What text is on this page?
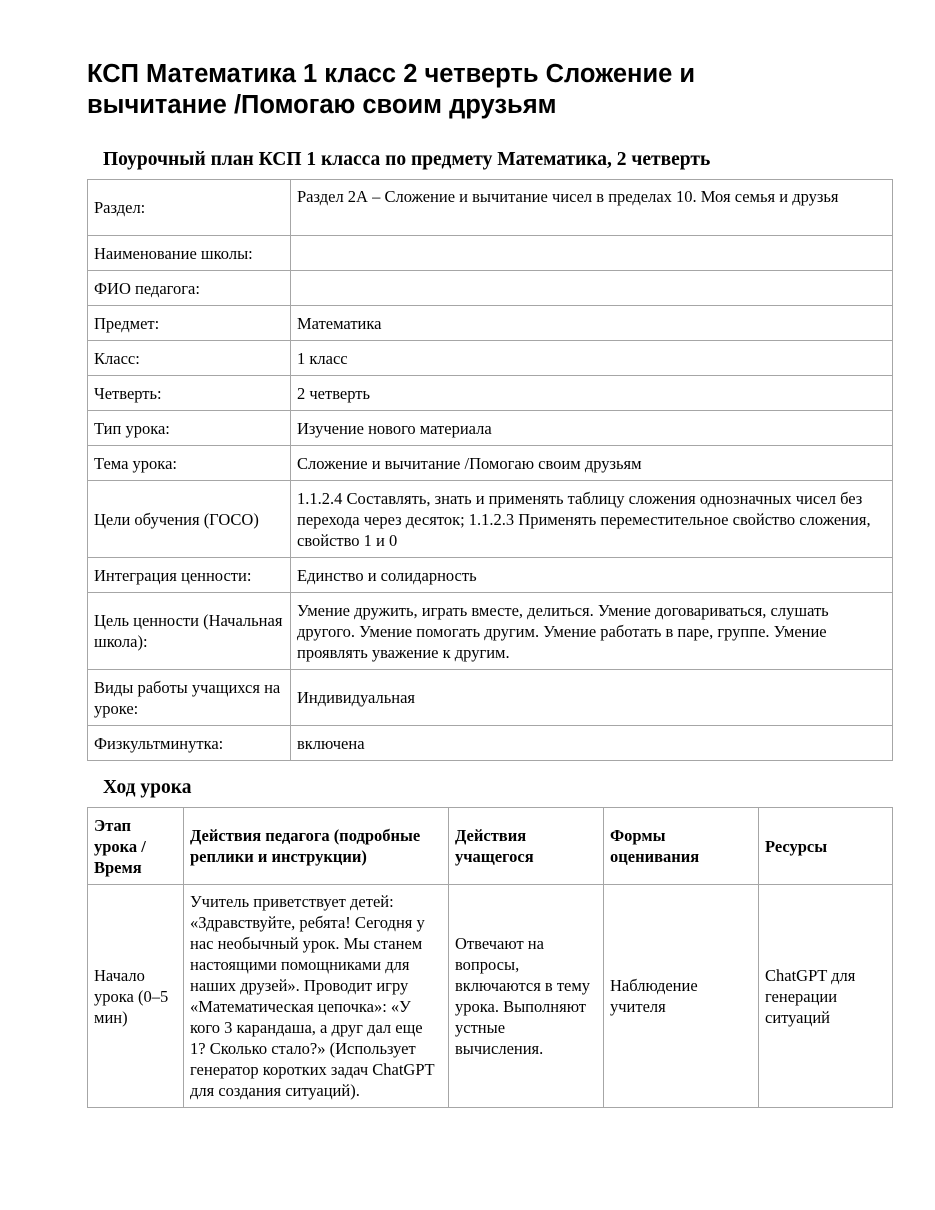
КСП Математика 1 класс 2 четверть Сложение и вычитание /Помогаю своим друзьям
Поурочный план КСП 1 класса по предмету Математика, 2 четверть
Раздел:	Раздел 2А – Сложение и вычитание чисел в пределах 10. Моя семья и друзья
Наименование школы:	
ФИО педагога:	
Предмет:	Математика
Класс:	1 класс
Четверть:	2 четверть
Тип урока:	Изучение нового материала
Тема урока:	Сложение и вычитание /Помогаю своим друзьям
Цели обучения (ГОСО)	1.1.2.4 Составлять, знать и применять таблицу сложения однозначных чисел без перехода через десяток; 1.1.2.3 Применять переместительное свойство сложения, свойство 1 и 0
Интеграция ценности:	Единство и солидарность
Цель ценности (Начальная школа):	Умение дружить, играть вместе, делиться. Умение договариваться, слушать другого. Умение помогать другим. Умение работать в паре, группе. Умение проявлять уважение к другим.
Виды работы учащихся на уроке:	Индивидуальная
Физкультминутка:	включена
Ход урока
Этап урока / Время	Действия педагога (подробные реплики и инструкции)	Действия учащегося	Формы оценивания	Ресурсы
Начало урока (0–5 мин)	Учитель приветствует детей: «Здравствуйте, ребята! Сегодня у нас необычный урок. Мы станем настоящими помощниками для наших друзей». Проводит игру «Математическая цепочка»: «У кого 3 карандаша, а друг дал еще 1? Сколько стало?» (Использует генератор коротких задач ChatGPT для создания ситуаций).	Отвечают на вопросы, включаются в тему урока. Выполняют устные вычисления.	Наблюдение учителя	ChatGPT для генерации ситуаций
